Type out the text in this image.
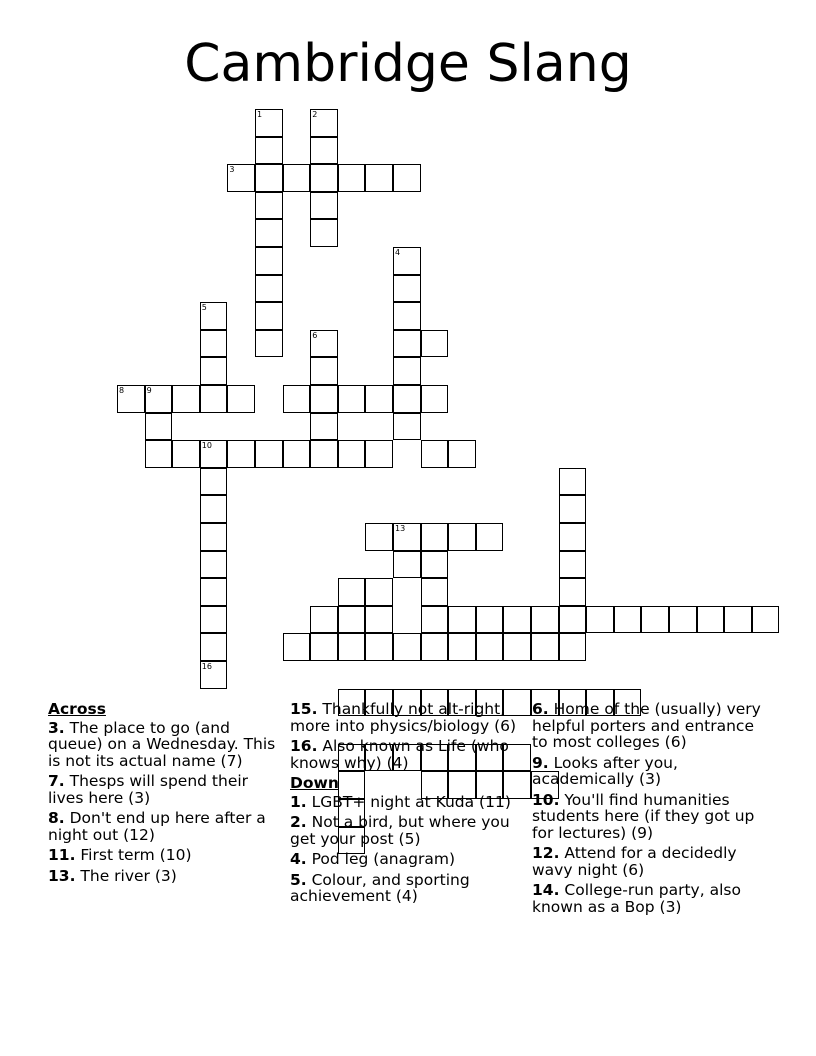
Cambridge Slang
1	2
3
4
5
6
8	9
10
16
13
Across
3. The place to go (and queue) on a Wednesday. This is not its actual name (7)
7. Thesps will spend their lives here (3)
8. Don't end up here after a night out (12)
11. First term (10)
13. The river (3)
15. Thankfully not alt-right, more into physics/biology (6)
16. Also known as Life (who knows why) (4)
Down
1. LGBT+ night at Kuda (11)
2. Not a bird, but where you get your post (5)
4. Pod leg (anagram)
5. Colour, and sporting achievement (4)
6. Home of the (usually) very helpful porters and entrance to most colleges (6)
9. Looks after you, academically (3)
10. You'll find humanities students here (if they got up for lectures) (9)
12. Attend for a decidedly wavy night (6)
14. College-run party, also known as a Bop (3)
